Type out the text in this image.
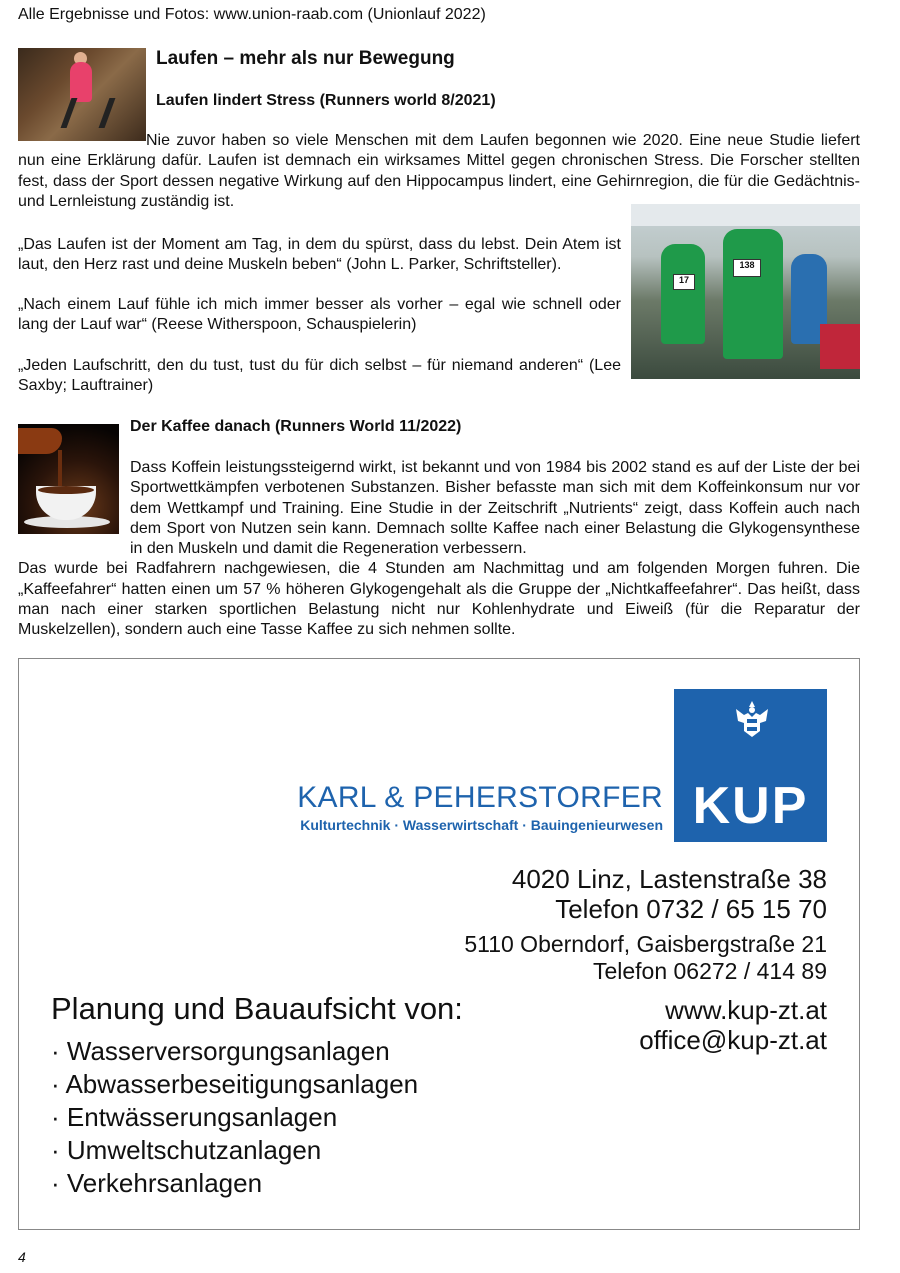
Alle Ergebnisse und Fotos: www.union-raab.com (Unionlauf 2022)
Laufen – mehr als nur Bewegung
Laufen lindert Stress (Runners world 8/2021)

Nie zuvor haben so viele Menschen mit dem Laufen begonnen wie 2020. Eine neue Studie liefert nun eine Erklärung dafür. Laufen ist demnach ein wirksames Mittel gegen chronischen Stress. Die Forscher stellten fest, dass der Sport dessen negative Wirkung auf den Hippocampus lindert, eine Gehirnregion, die für die Gedächtnis- und Lernleistung zuständig ist.

138
17

„Das Laufen ist der Moment am Tag, in dem du spürst, dass du lebst. Dein Atem ist laut, den Herz rast und deine Muskeln beben“ (John L. Parker, Schriftsteller).

„Nach einem Lauf fühle ich mich immer besser als vorher – egal wie schnell oder lang der Lauf war“ (Reese Witherspoon, Schauspielerin)

„Jeden Laufschritt, den du tust, tust du für dich selbst – für niemand anderen“ (Lee Saxby; Lauftrainer)

Der Kaffee danach (Runners World 11/2022)

Dass Koffein leistungssteigernd wirkt, ist bekannt und von 1984 bis 2002 stand es auf der Liste der bei Sportwettkämpfen verbotenen Substanzen. Bisher befasste man sich mit dem Koffeinkonsum nur vor dem Wettkampf und Training. Eine Studie in der Zeitschrift „Nutrients“ zeigt, dass Koffein auch nach dem Sport von Nutzen sein kann. Demnach sollte Kaffee nach einer Belastung die Glykogensynthese in den Muskeln und damit die Regeneration verbessern.
Das wurde bei Radfahrern nachgewiesen, die 4 Stunden am Nachmittag und am folgenden Morgen fuhren. Die „Kaffeefahrer“ hatten einen um 57 % höheren Glykogengehalt als die Gruppe der „Nichtkaffeefahrer“. Das heißt, dass man nach einer starken sportlichen Belastung nicht nur Kohlenhydrate und Eiweiß (für die Reparatur der Muskelzellen), sondern auch eine Tasse Kaffee zu sich nehmen sollte.

KUP
KARL & PEHERSTORFER
Kulturtechnik · Wasserwirtschaft · Bauingenieurwesen
4020 Linz, Lastenstraße 38
Telefon 0732 / 65 15 70
5110 Oberndorf, Gaisbergstraße 21
Telefon 06272 / 414 89
www.kup-zt.at
office@kup-zt.at
Planung und Bauaufsicht von:
· Wasserversorgungsanlagen
· Abwasserbeseitigungsanlagen
· Entwässerungsanlagen
· Umweltschutzanlagen
· Verkehrsanlagen
4
